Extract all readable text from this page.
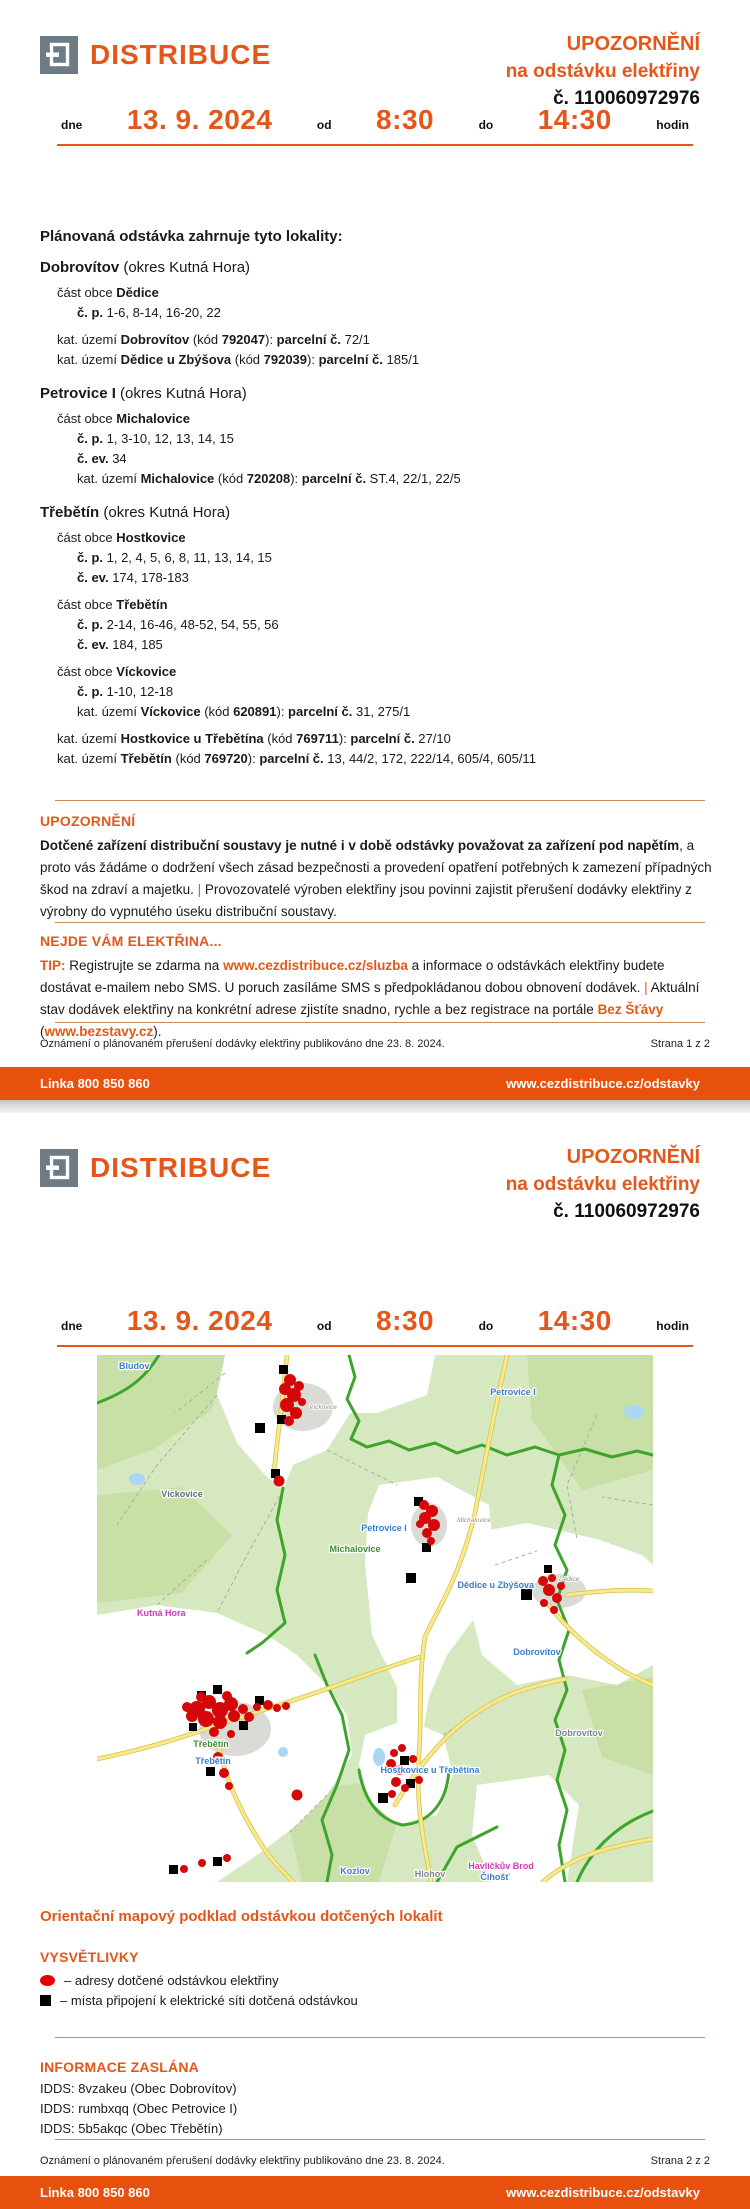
DISTRIBUCE	UPOZORNĚNÍ
na odstávku elektřiny
č. 110060972976
dne 13. 9. 2024	od 8:30	do 14:30	hodin
Plánovaná odstávka zahrnuje tyto lokality:
Dobrovítov (okres Kutná Hora)
část obce Dědice
č. p. 1-6, 8-14, 16-20, 22
kat. území Dobrovítov (kód 792047): parcelní č. 72/1
kat. území Dědice u Zbýšova (kód 792039): parcelní č. 185/1
Petrovice I (okres Kutná Hora)
část obce Michalovice
č. p. 1, 3-10, 12, 13, 14, 15
č. ev. 34
kat. území Michalovice (kód 720208): parcelní č. ST.4, 22/1, 22/5
Třebětín (okres Kutná Hora)
část obce Hostkovice
č. p. 1, 2, 4, 5, 6, 8, 11, 13, 14, 15
č. ev. 174, 178-183
část obce Třebětín
č. p. 2-14, 16-46, 48-52, 54, 55, 56
č. ev. 184, 185
část obce Víckovice
č. p. 1-10, 12-18
kat. území Víckovice (kód 620891): parcelní č. 31, 275/1
kat. území Hostkovice u Třebětína (kód 769711): parcelní č. 27/10
kat. území Třebětín (kód 769720): parcelní č. 13, 44/2, 172, 222/14, 605/4, 605/11
UPOZORNĚNÍ
Dotčené zařízení distribuční soustavy je nutné i v době odstávky považovat za zařízení pod napětím, a proto vás žádáme o dodržení všech zásad bezpečnosti a provedení opatření potřebných k zamezení případných škod na zdraví a majetku. | Provozovatelé výroben elektřiny jsou povinni zajistit přerušení dodávky elektřiny z výrobny do vypnutého úseku distribuční soustavy.
NEJDE VÁM ELEKTŘINA...
TIP: Registrujte se zdarma na www.cezdistribuce.cz/sluzba a informace o odstávkách elektřiny budete dostávat e-mailem nebo SMS. U poruch zasíláme SMS s předpokládanou dobou obnovení dodávek. | Aktuální stav dodávek elektřiny na konkrétní adrese zjistíte snadno, rychle a bez registrace na portále Bez Šťávy (www.bezstavy.cz).
Oznámení o plánovaném přerušení dodávky elektřiny publikováno dne 23. 8. 2024.	Strana 1 z 2
Linka 800 850 860	www.cezdistribuce.cz/odstavky
DISTRIBUCE	UPOZORNĚNÍ
na odstávku elektřiny
č. 110060972976
dne 13. 9. 2024	od 8:30	do 14:30	hodin
Bludov
Petrovice I
Víckovice
Petrovice I
Michalovice
Kutná Hora
Dědice u Zbýšova
Dobrovítov
Dobrovítov
Třebětín
Třebětín
Hostkovice u Třebětína
Kozlov	Hlohov
Havlíčkův Brod
Čihošť
Michalovice
Dědice
Víckovice
Orientační mapový podklad odstávkou dotčených lokalit
VYSVĚTLIVKY
– adresy dotčené odstávkou elektřiny
– místa připojení k elektrické síti dotčená odstávkou
INFORMACE ZASLÁNA
IDDS: 8vzakeu (Obec Dobrovítov)
IDDS: rumbxqq (Obec Petrovice I)
IDDS: 5b5akqc (Obec Třebětín)
Oznámení o plánovaném přerušení dodávky elektřiny publikováno dne 23. 8. 2024.	Strana 2 z 2
Linka 800 850 860	www.cezdistribuce.cz/odstavky
